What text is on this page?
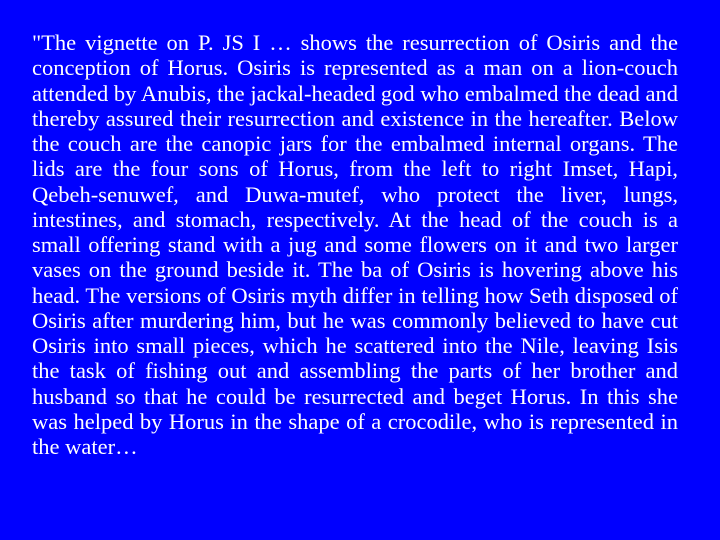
"The vignette on P. JS I … shows the resurrection of Osiris and the conception of Horus. Osiris is represented as a man on a lion-couch attended by Anubis, the jackal-headed god who embalmed the dead and thereby assured their resurrection and existence in the hereafter. Below the couch are the canopic jars for the embalmed internal organs. The lids are the four sons of Horus, from the left to right Imset, Hapi, Qebeh-senuwef, and Duwa-mutef, who protect the liver, lungs, intestines, and stomach, respectively. At the head of the couch is a small offering stand with a jug and some flowers on it and two larger vases on the ground beside it. The ba of Osiris is hovering above his head. The versions of Osiris myth differ in telling how Seth disposed of Osiris after murdering him, but he was commonly believed to have cut Osiris into small pieces, which he scattered into the Nile, leaving Isis the task of fishing out and assembling the parts of her brother and husband so that he could be resurrected and beget Horus. In this she was helped by Horus in the shape of a crocodile, who is represented in the water…
